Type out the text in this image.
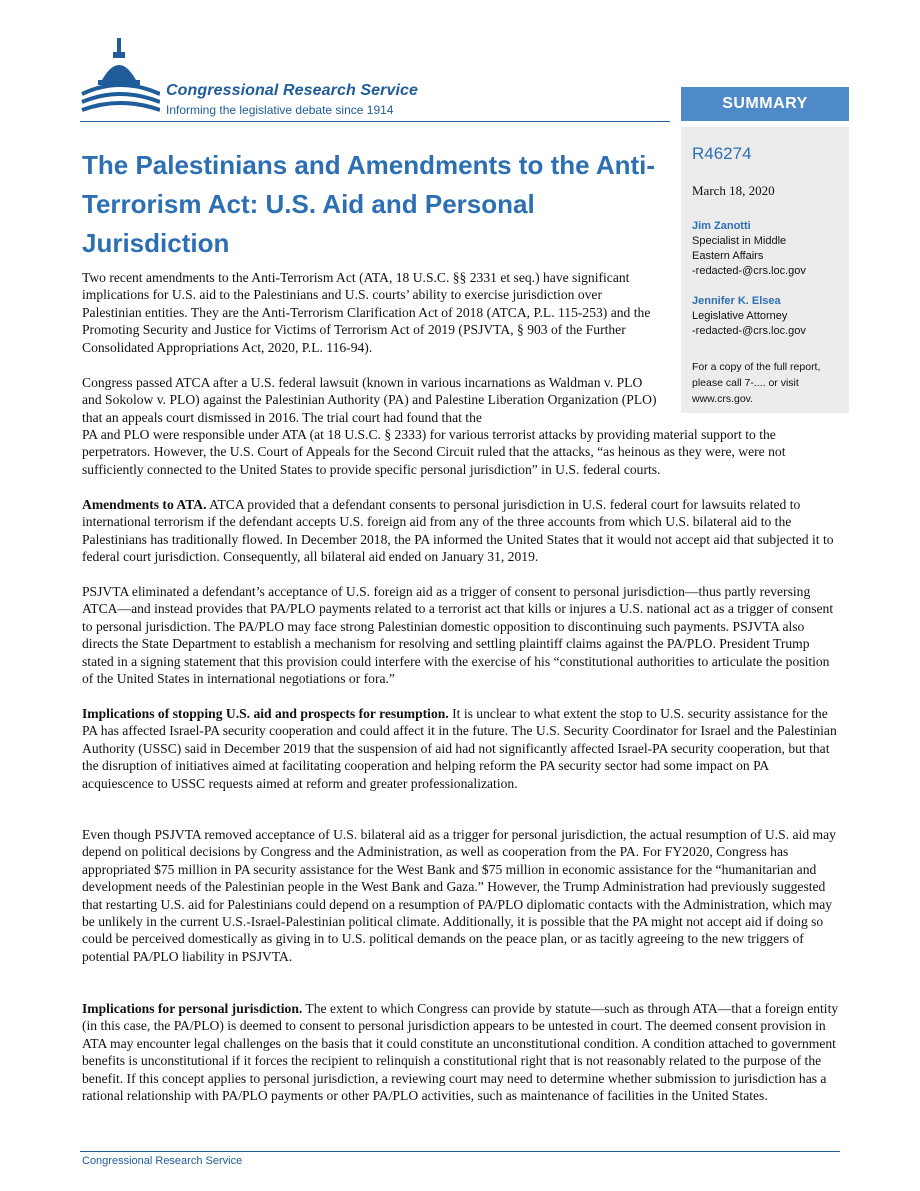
Congressional Research Service
Informing the legislative debate since 1914	SUMMARY
R46274
March 18, 2020
Jim Zanotti
Specialist in Middle
Eastern Affairs
-redacted-@crs.loc.gov
Jennifer K. Elsea
Legislative Attorney
-redacted-@crs.loc.gov
For a copy of the full report,
please call 7-.... or visit
www.crs.gov.
The Palestinians and Amendments to the Anti-Terrorism Act: U.S. Aid and Personal Jurisdiction

Two recent amendments to the Anti-Terrorism Act (ATA, 18 U.S.C. §§ 2331 et seq.) have significant implications for U.S. aid to the Palestinians and U.S. courts’ ability to exercise jurisdiction over Palestinian entities. They are the Anti-Terrorism Clarification Act of 2018 (ATCA, P.L. 115-253) and the Promoting Security and Justice for Victims of Terrorism Act of 2019 (PSJVTA, § 903 of the Further Consolidated Appropriations Act, 2020, P.L. 116-94).

Congress passed ATCA after a U.S. federal lawsuit (known in various incarnations as Waldman v. PLO and Sokolow v. PLO) against the Palestinian Authority (PA) and Palestine Liberation Organization (PLO) that an appeals court dismissed in 2016. The trial court had found that the

PA and PLO were responsible under ATA (at 18 U.S.C. § 2333) for various terrorist attacks by providing material support to the perpetrators. However, the U.S. Court of Appeals for the Second Circuit ruled that the attacks, “as heinous as they were, were not sufficiently connected to the United States to provide specific personal jurisdiction” in U.S. federal courts.

Amendments to ATA. ATCA provided that a defendant consents to personal jurisdiction in U.S. federal court for lawsuits related to international terrorism if the defendant accepts U.S. foreign aid from any of the three accounts from which U.S. bilateral aid to the Palestinians has traditionally flowed. In December 2018, the PA informed the United States that it would not accept aid that subjected it to federal court jurisdiction. Consequently, all bilateral aid ended on January 31, 2019.

PSJVTA eliminated a defendant’s acceptance of U.S. foreign aid as a trigger of consent to personal jurisdiction—thus partly reversing ATCA—and instead provides that PA/PLO payments related to a terrorist act that kills or injures a U.S. national act as a trigger of consent to personal jurisdiction. The PA/PLO may face strong Palestinian domestic opposition to discontinuing such payments. PSJVTA also directs the State Department to establish a mechanism for resolving and settling plaintiff claims against the PA/PLO. President Trump stated in a signing statement that this provision could interfere with the exercise of his “constitutional authorities to articulate the position of the United States in international negotiations or fora.”

Implications of stopping U.S. aid and prospects for resumption. It is unclear to what extent the stop to U.S. security assistance for the PA has affected Israel-PA security cooperation and could affect it in the future. The U.S. Security Coordinator for Israel and the Palestinian Authority (USSC) said in December 2019 that the suspension of aid had not significantly affected Israel-PA security cooperation, but that the disruption of initiatives aimed at facilitating cooperation and helping reform the PA security sector had some impact on PA acquiescence to USSC requests aimed at reform and greater professionalization.

Even though PSJVTA removed acceptance of U.S. bilateral aid as a trigger for personal jurisdiction, the actual resumption of U.S. aid may depend on political decisions by Congress and the Administration, as well as cooperation from the PA. For FY2020, Congress has appropriated $75 million in PA security assistance for the West Bank and $75 million in economic assistance for the “humanitarian and development needs of the Palestinian people in the West Bank and Gaza.” However, the Trump Administration had previously suggested that restarting U.S. aid for Palestinians could depend on a resumption of PA/PLO diplomatic contacts with the Administration, which may be unlikely in the current U.S.-Israel-Palestinian political climate. Additionally, it is possible that the PA might not accept aid if doing so could be perceived domestically as giving in to U.S. political demands on the peace plan, or as tacitly agreeing to the new triggers of potential PA/PLO liability in PSJVTA.

Implications for personal jurisdiction. The extent to which Congress can provide by statute—such as through ATA—that a foreign entity (in this case, the PA/PLO) is deemed to consent to personal jurisdiction appears to be untested in court. The deemed consent provision in ATA may encounter legal challenges on the basis that it could constitute an unconstitutional condition. A condition attached to government benefits is unconstitutional if it forces the recipient to relinquish a constitutional right that is not reasonably related to the purpose of the benefit. If this concept applies to personal jurisdiction, a reviewing court may need to determine whether submission to jurisdiction has a rational relationship with PA/PLO payments or other PA/PLO activities, such as maintenance of facilities in the United States.

Congressional Research Service
